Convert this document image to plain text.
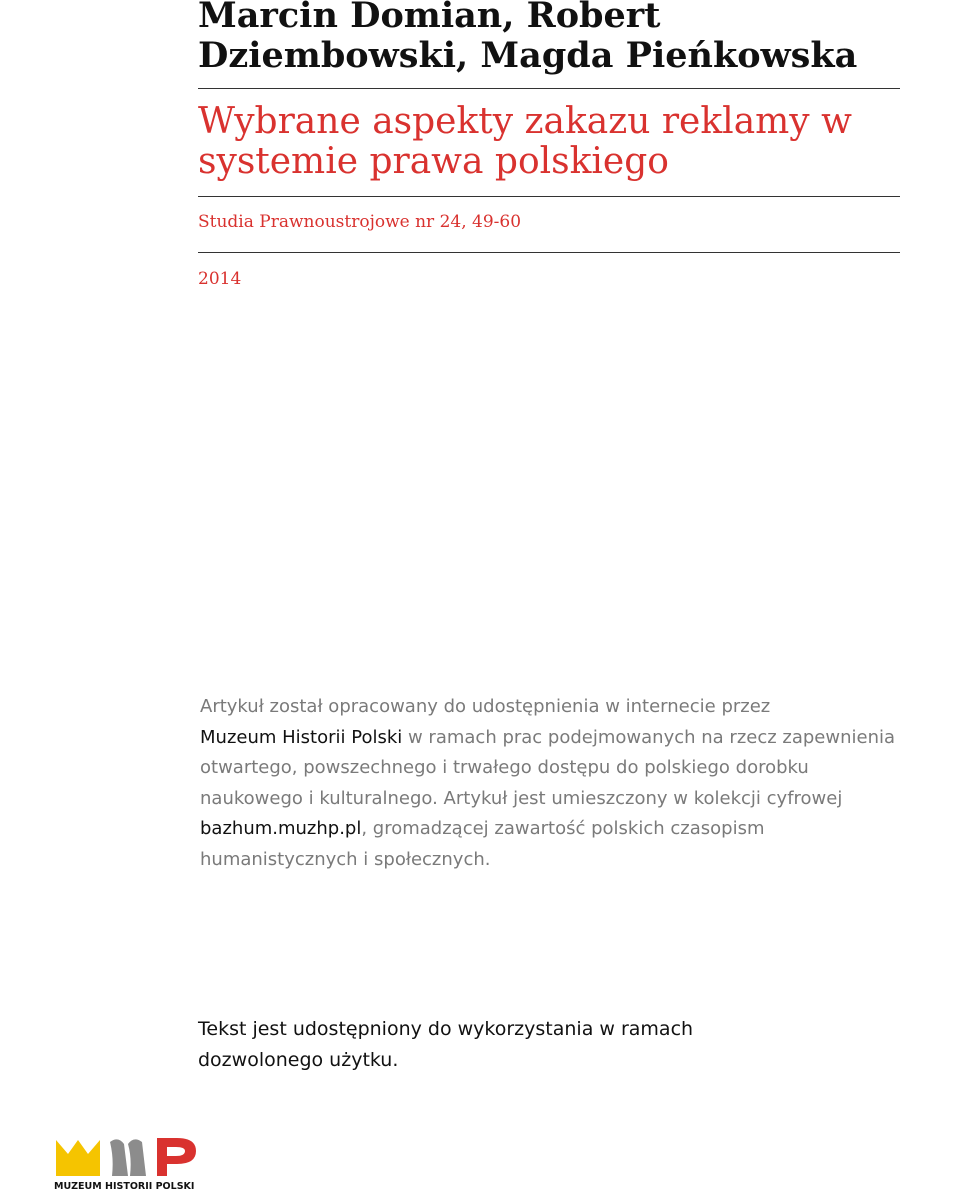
Marcin Domian, Robert Dziembowski, Magda Pieńkowska
Wybrane aspekty zakazu reklamy w systemie prawa polskiego

Studia Prawnoustrojowe nr 24, 49-60

2014

Artykuł został opracowany do udostępnienia w internecie przez
Muzeum Historii Polski w ramach prac podejmowanych na rzecz zapewnienia otwartego, powszechnego i trwałego dostępu do polskiego dorobku naukowego i kulturalnego. Artykuł jest umieszczony w kolekcji cyfrowej bazhum.muzhp.pl, gromadzącej zawartość polskich czasopism humanistycznych i społecznych.

Tekst jest udostępniony do wykorzystania w ramach dozwolonego użytku.

MUZEUM HISTORII POLSKI
